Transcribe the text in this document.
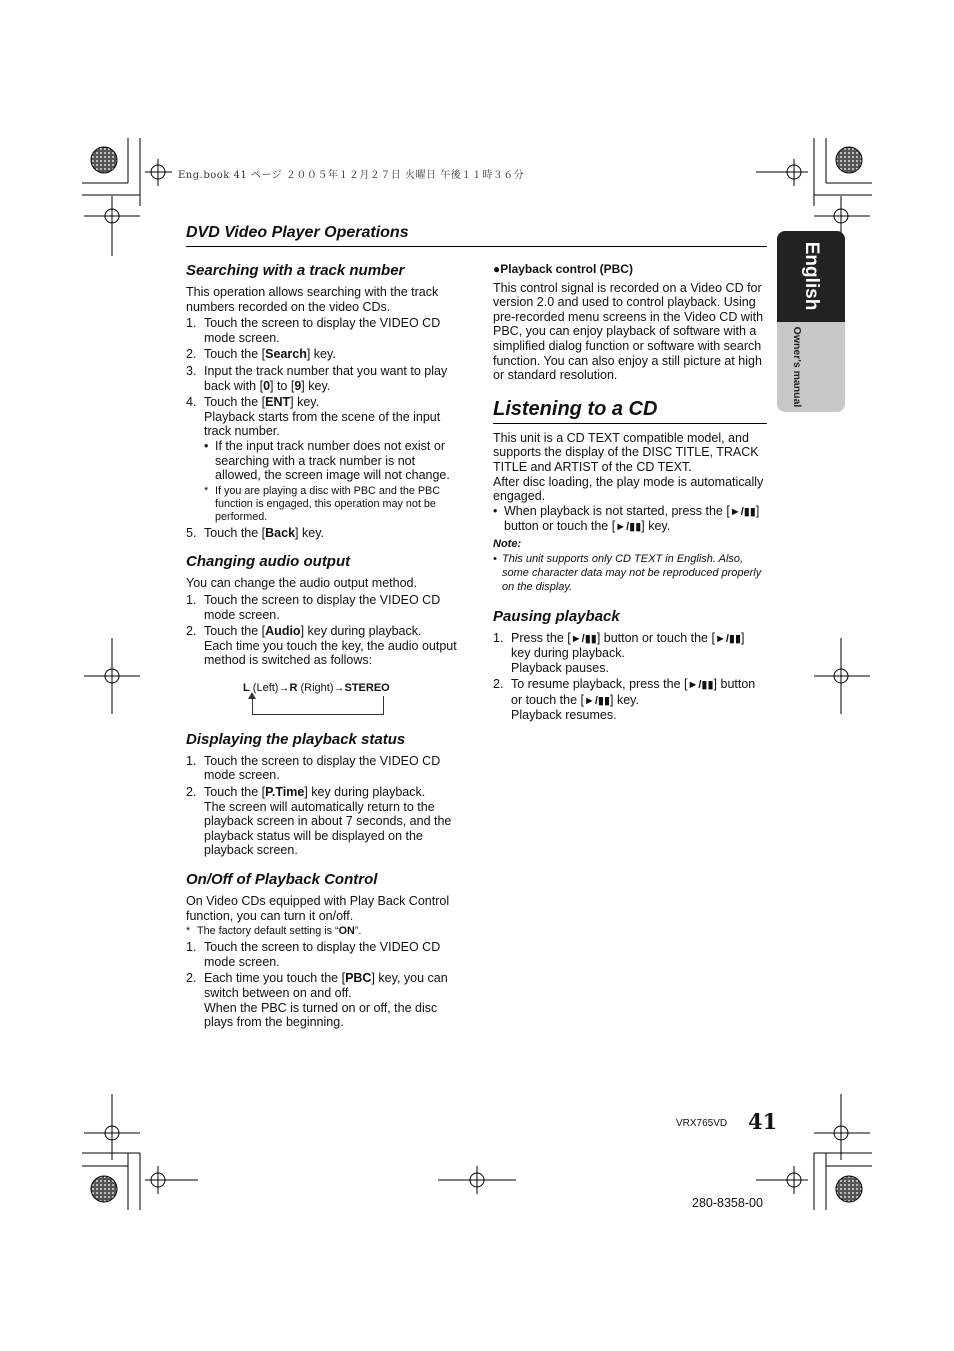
Eng.book 41 ページ ２００５年１２月２７日 火曜日 午後１１時３６分
DVD Video Player Operations
English
Owner's manual
Searching with a track number

This operation allows searching with the track numbers recorded on the video CDs.

1. Touch the screen to display the VIDEO CD mode screen.
2. Touch the [Search] key.
3. Input the track number that you want to play back with [0] to [9] key.
4. Touch the [ENT] key.
Playback starts from the scene of the input track number.
• If the input track number does not exist or searching with a track number is not allowed, the screen image will not change.
* If you are playing a disc with PBC and the PBC function is engaged, this operation may not be performed.
5. Touch the [Back] key.
Changing audio output

You can change the audio output method.

1. Touch the screen to display the VIDEO CD mode screen.
2. Touch the [Audio] key during playback.
Each time you touch the key, the audio output method is switched as follows:
L (Left)→R (Right)→STEREO
Displaying the playback status
1. Touch the screen to display the VIDEO CD mode screen.
2. Touch the [P.Time] key during playback.
The screen will automatically return to the playback screen in about 7 seconds, and the playback status will be displayed on the playback screen.
On/Off of Playback Control

On Video CDs equipped with Play Back Control function, you can turn it on/off.

* The factory default setting is “ON”.
1. Touch the screen to display the VIDEO CD mode screen.
2. Each time you touch the [PBC] key, you can switch between on and off.
When the PBC is turned on or off, the disc plays from the beginning.
●Playback control (PBC)

This control signal is recorded on a Video CD for version 2.0 and used to control playback. Using pre-recorded menu screens in the Video CD with PBC, you can enjoy playback of software with a simplified dialog function or software with search function. You can also enjoy a still picture at high or standard resolution.

Listening to a CD

This unit is a CD TEXT compatible model, and supports the display of the DISC TITLE, TRACK TITLE and ARTIST of the CD TEXT.

After disc loading, the play mode is automatically engaged.

• When playback is not started, press the [►/▮▮] button or touch the [►/▮▮] key.
Note:
• This unit supports only CD TEXT in English. Also, some character data may not be reproduced properly on the display.
Pausing playback
1. Press the [►/▮▮] button or touch the [►/▮▮] key during playback.
Playback pauses.
2. To resume playback, press the [►/▮▮] button or touch the [►/▮▮] key.
Playback resumes.
VRX765VD 41
280-8358-00
